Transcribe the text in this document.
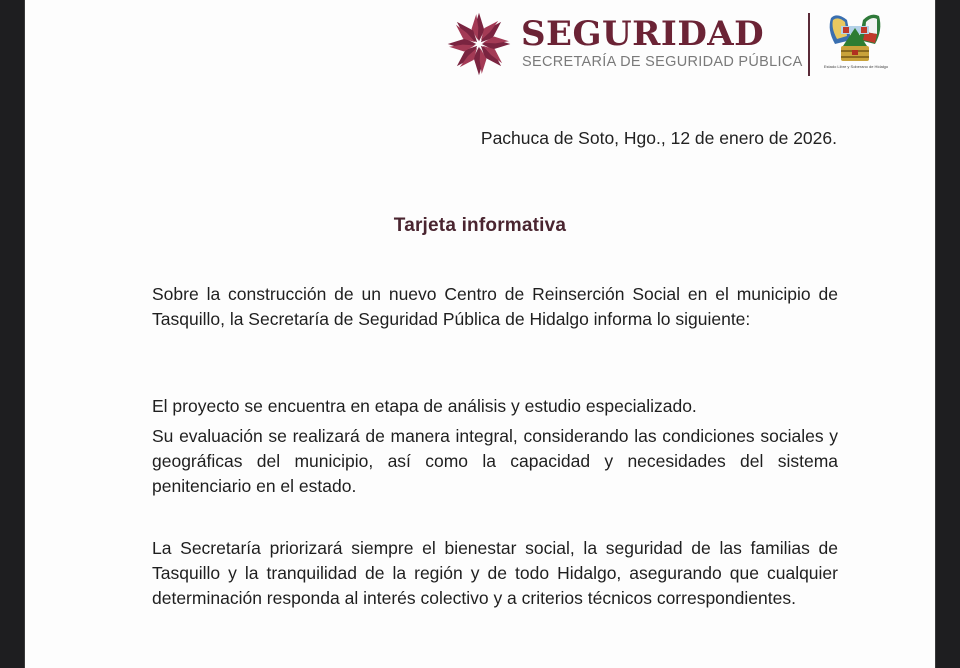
SEGURIDAD
SECRETARÍA DE SEGURIDAD PÚBLICA	Estado Libre y Soberano de Hidalgo
Pachuca de Soto, Hgo., 12 de enero de 2026.
Tarjeta informativa

Sobre la construcción de un nuevo Centro de Reinserción Social en el municipio de Tasquillo, la Secretaría de Seguridad Pública de Hidalgo informa lo siguiente:

El proyecto se encuentra en etapa de análisis y estudio especializado.

Su evaluación se realizará de manera integral, considerando las condiciones sociales y geográficas del municipio, así como la capacidad y necesidades del sistema penitenciario en el estado.

La Secretaría priorizará siempre el bienestar social, la seguridad de las familias de Tasquillo y la tranquilidad de la región y de todo Hidalgo, asegurando que cualquier determinación responda al interés colectivo y a criterios técnicos correspondientes.
